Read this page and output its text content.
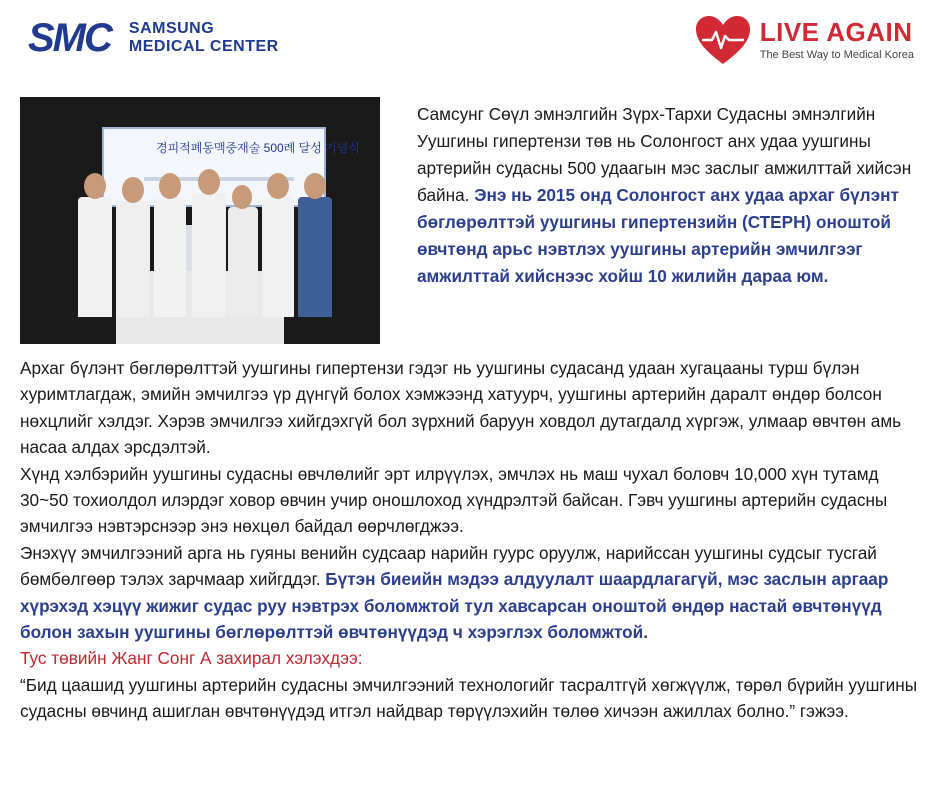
SMC SAMSUNG
MEDICAL CENTER	LIVE AGAIN
The Best Way to Medical Korea
경피적폐동맥중재술 500례 달성 기념식

Самсунг Сөүл эмнэлгийн Зүрх-Тархи Судасны эмнэлгийн Уушгины гипертензи төв нь Солонгост анх удаа уушгины артерийн судасны 500 удаагын мэс заслыг амжилттай хийсэн байна. Энэ нь 2015 онд Солонгост анх удаа архаг бүлэнт бөглөрөлттэй уушгины гипертензийн (СТЕРН) оноштой өвчтөнд арьс нэвтлэх уушгины артерийн эмчилгээг амжилттай хийснээс хойш 10 жилийн дараа юм.

Архаг бүлэнт бөглөрөлттэй уушгины гипертензи гэдэг нь уушгины судасанд удаан хугацааны турш бүлэн хуримтлагдаж, эмийн эмчилгээ үр дүнгүй болох хэмжээнд хатуурч, уушгины артерийн даралт өндөр болсон нөхцлийг хэлдэг. Хэрэв эмчилгээ хийгдэхгүй бол зүрхний баруун ховдол дутагдалд хүргэж, улмаар өвчтөн амь насаа алдах эрсдэлтэй.

Хүнд хэлбэрийн уушгины судасны өвчлөлийг эрт илрүүлэх, эмчлэх нь маш чухал боловч 10,000 хүн тутамд 30~50 тохиолдол илэрдэг ховор өвчин учир оношлоход хүндрэлтэй байсан. Гэвч уушгины артерийн судасны эмчилгээ нэвтэрснээр энэ нөхцөл байдал өөрчлөгджээ.

Энэхүү эмчилгээний арга нь гуяны венийн судсаар нарийн гуурс оруулж, нарийссан уушгины судсыг тусгай бөмбөлгөөр тэлэх зарчмаар хийгддэг. Бүтэн биеийн мэдээ алдуулалт шаардлагагүй, мэс заслын аргаар хүрэхэд хэцүү жижиг судас руу нэвтрэх боломжтой тул хавсарсан оноштой өндөр настай өвчтөнүүд болон захын уушгины бөглөрөлттэй өвчтөнүүдэд ч хэрэглэх боломжтой.

Тус төвийн Жанг Сонг А захирал хэлэхдээ:

“Бид цаашид уушгины артерийн судасны эмчилгээний технологийг тасралтгүй хөгжүүлж, төрөл бүрийн уушгины судасны өвчинд ашиглан өвчтөнүүдэд итгэл найдвар төрүүлэхийн төлөө хичээн ажиллах болно.” гэжээ.
